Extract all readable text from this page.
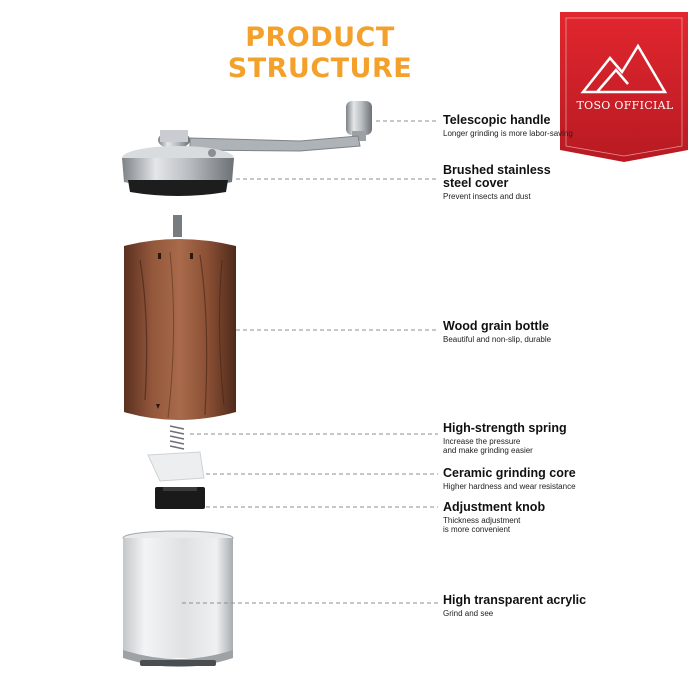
PRODUCT STRUCTURE
TOSO OFFICIAL
Telescopic handle
Longer grinding is more labor-saving
Brushed stainless
steel cover
Prevent insects and dust
Wood grain bottle
Beautiful and non-slip, durable
High-strength spring
Increase the pressure
and make grinding easier
Ceramic grinding core
Higher hardness and wear resistance
Adjustment knob
Thickness adjustment
is more convenient
High transparent acrylic
Grind and see
